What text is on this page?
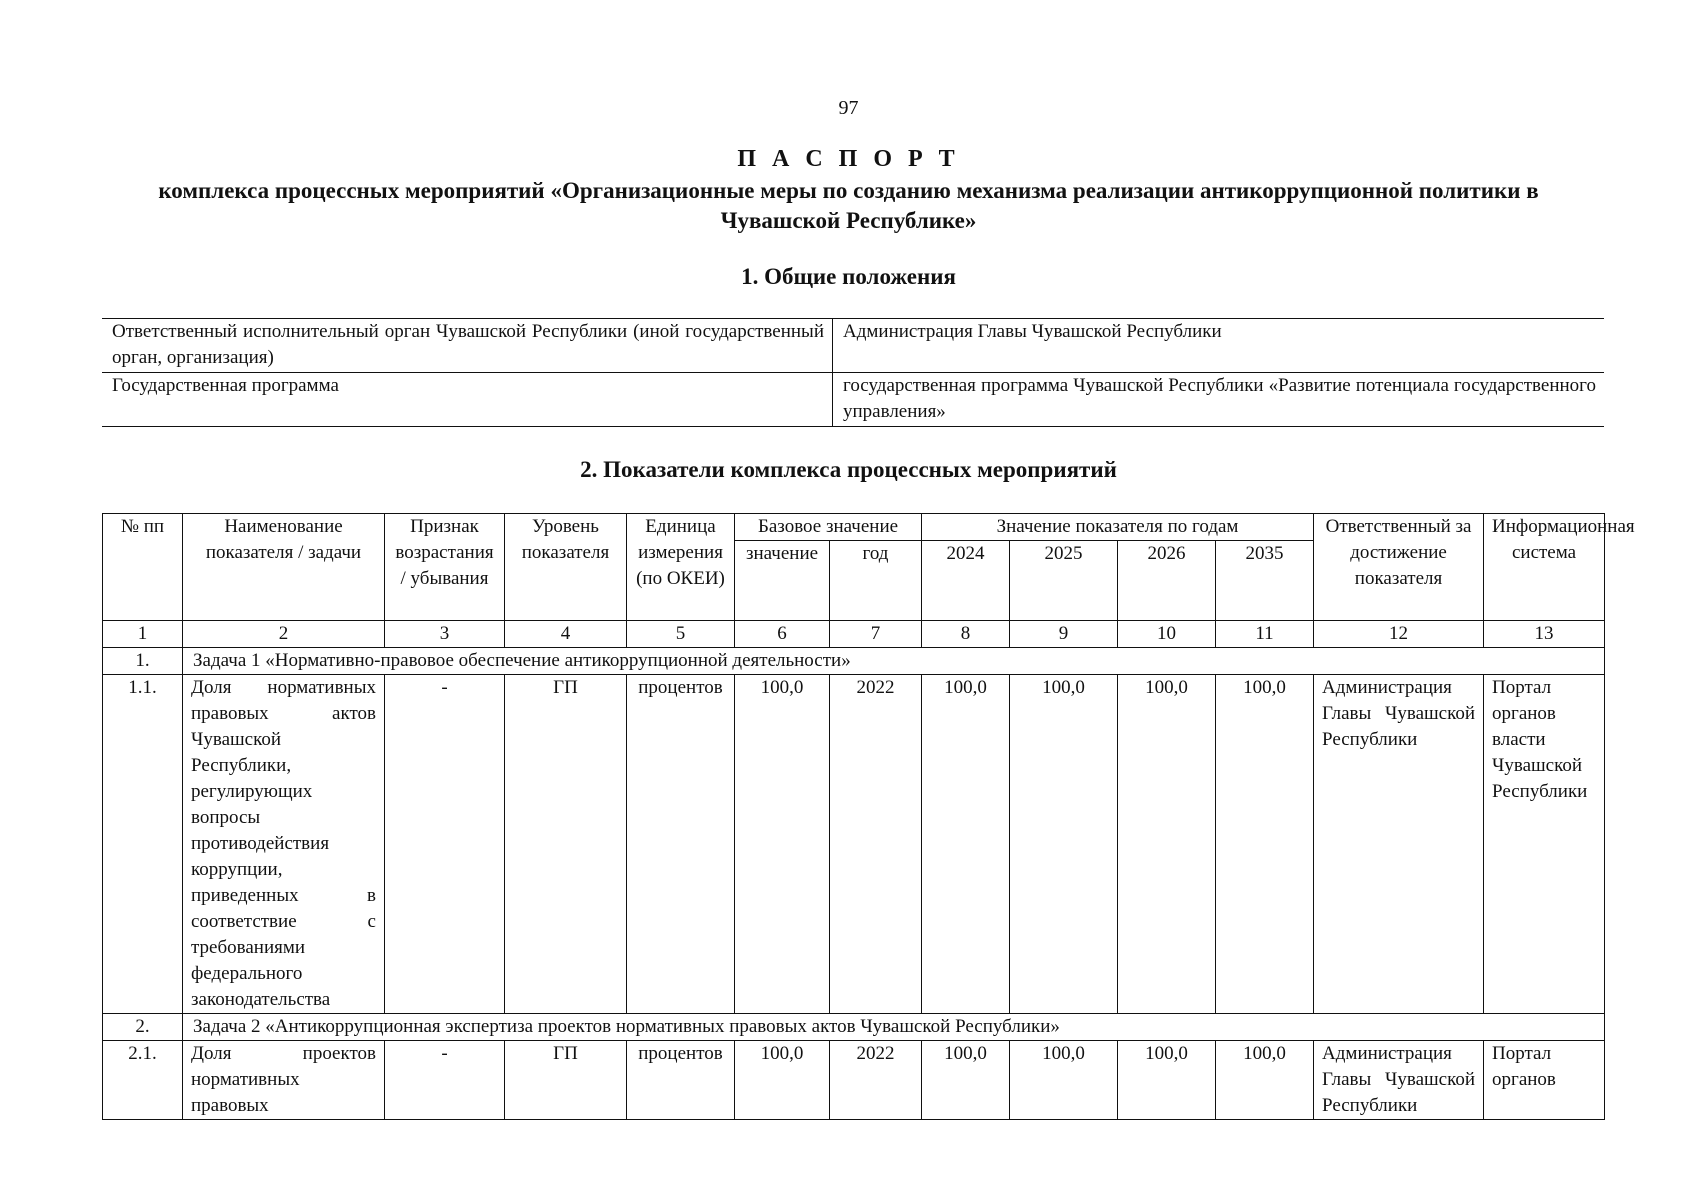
97
П А С П О Р Т
комплекса процессных мероприятий «Организационные меры по созданию механизма реализации антикоррупционной политики в Чувашской Республике»
1. Общие положения
Ответственный исполнительный орган Чувашской Республики (иной государственный орган, организация)	Администрация Главы Чувашской Республики
Государственная программа	государственная программа Чувашской Республики «Развитие потенциала государственного управления»
2. Показатели комплекса процессных мероприятий
№ пп	Наименование показателя / задачи	Признак возрастания / убывания	Уровень показателя	Единица измерения (по ОКЕИ)	Базовое значение		Значение показателя по годам				Ответственный за достижение показателя	Информационная система
					значение	год	2024	2025	2026	2035		
1	2	3	4	5	6	7	8	9	10	11	12	13
1.	Задача 1 «Нормативно-правовое обеспечение антикоррупционной деятельности»											
1.1.	Доля нормативных правовых актов Чувашской Республики, регулирующих вопросы противодействия коррупции, приведенных в соответствие с требованиями федерального законодательства	-	ГП	процентов	100,0	2022	100,0	100,0	100,0	100,0	Администрация Главы Чувашской Республики	Портал органов власти Чувашской Республики
2.	Задача 2 «Антикоррупционная экспертиза проектов нормативных правовых актов Чувашской Республики»											
2.1.	Доля проектов нормативных правовых	-	ГП	процентов	100,0	2022	100,0	100,0	100,0	100,0	Администрация Главы Чувашской Республики	Портал органов
